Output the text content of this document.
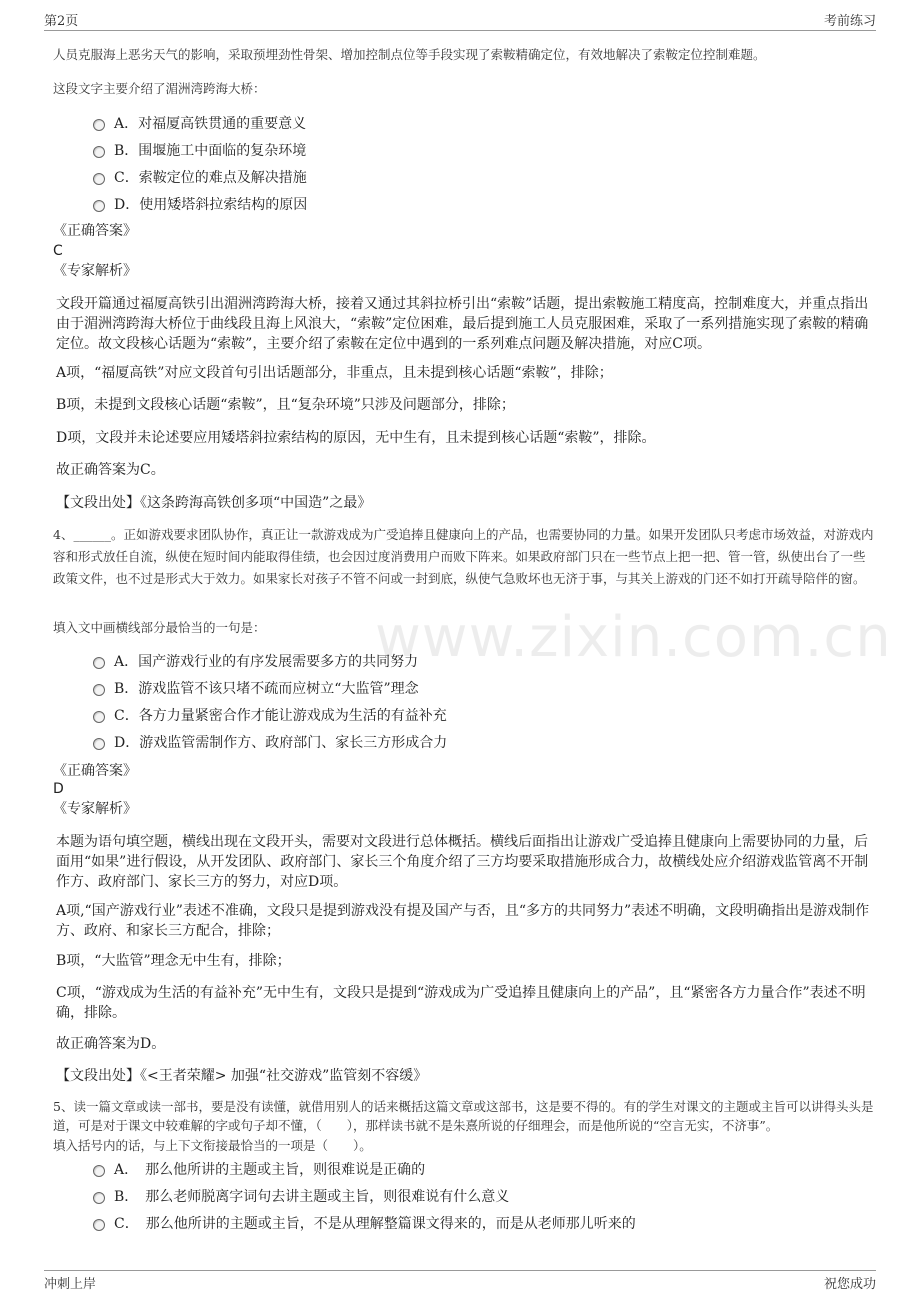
第2页	考前练习
www.zixin.com.cn
人员克服海上恶劣天气的影响，采取预埋劲性骨架、增加控制点位等手段实现了索鞍精确定位，有效地解决了索鞍定位控制难题。
这段文字主要介绍了湄洲湾跨海大桥：
A．对福厦高铁贯通的重要意义
B．围堰施工中面临的复杂环境
C．索鞍定位的难点及解决措施
D．使用矮塔斜拉索结构的原因
《正确答案》
C
《专家解析》
文段开篇通过福厦高铁引出湄洲湾跨海大桥，接着又通过其斜拉桥引出“索鞍”话题，提出索鞍施工精度高，控制难度大，并重点指出由于湄洲湾跨海大桥位于曲线段且海上风浪大，“索鞍”定位困难，最后提到施工人员克服困难，采取了一系列措施实现了索鞍的精确定位。故文段核心话题为“索鞍”，主要介绍了索鞍在定位中遇到的一系列难点问题及解决措施，对应C项。
A项，“福厦高铁”对应文段首句引出话题部分，非重点，且未提到核心话题“索鞍”，排除；
B项，未提到文段核心话题“索鞍”，且“复杂环境”只涉及问题部分，排除；
D项，文段并未论述要应用矮塔斜拉索结构的原因，无中生有，且未提到核心话题“索鞍”，排除。
故正确答案为C。
【文段出处】《这条跨海高铁创多项“中国造”之最》
4、______。正如游戏要求团队协作，真正让一款游戏成为广受追捧且健康向上的产品，也需要协同的力量。如果开发团队只考虑市场效益，对游戏内容和形式放任自流，纵使在短时间内能取得佳绩，也会因过度消费用户而败下阵来。如果政府部门只在一些节点上把一把、管一管，纵使出台了一些政策文件，也不过是形式大于效力。如果家长对孩子不管不问或一封到底，纵使气急败坏也无济于事，与其关上游戏的门还不如打开疏导陪伴的窗。
填入文中画横线部分最恰当的一句是：
A．国产游戏行业的有序发展需要多方的共同努力
B．游戏监管不该只堵不疏而应树立“大监管”理念
C．各方力量紧密合作才能让游戏成为生活的有益补充
D．游戏监管需制作方、政府部门、家长三方形成合力
《正确答案》
D
《专家解析》
本题为语句填空题，横线出现在文段开头，需要对文段进行总体概括。横线后面指出让游戏广受追捧且健康向上需要协同的力量，后面用“如果”进行假设，从开发团队、政府部门、家长三个角度介绍了三方均要采取措施形成合力，故横线处应介绍游戏监管离不开制作方、政府部门、家长三方的努力，对应D项。
A项,“国产游戏行业”表述不准确，文段只是提到游戏没有提及国产与否，且“多方的共同努力”表述不明确，文段明确指出是游戏制作方、政府、和家长三方配合，排除；
B项，“大监管”理念无中生有，排除；
C项，“游戏成为生活的有益补充”无中生有，文段只是提到“游戏成为广受追捧且健康向上的产品”，且“紧密各方力量合作”表述不明确，排除。
故正确答案为D。
【文段出处】《<王者荣耀> 加强“社交游戏”监管刻不容缓》
5、读一篇文章或读一部书，要是没有读懂，就借用别人的话来概括这篇文章或这部书，这是要不得的。有的学生对课文的主题或主旨可以讲得头头是道，可是对于课文中较难解的字或句子却不懂，（　　），那样读书就不是朱熹所说的仔细理会，而是他所说的“空言无实，不济事”。
填入括号内的话，与上下文衔接最恰当的一项是（　　）。
A．　那么他所讲的主题或主旨，则很难说是正确的
B．　那么老师脱离字词句去讲主题或主旨，则很难说有什么意义
C．　那么他所讲的主题或主旨，不是从理解整篇课文得来的，而是从老师那儿听来的
冲刺上岸	祝您成功
